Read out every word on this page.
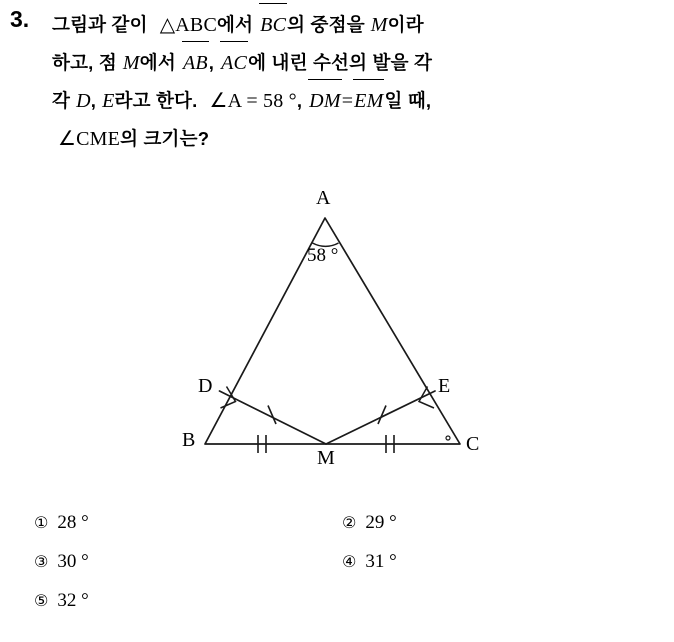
3. 그림과 같이 △ABC에서 BC의 중점을 M이라
하고, 점 M에서 AB, AC에 내린 수선의 발을 각
각 D, E라고 한다. ∠A = 58 °, DM=EM일 때,
∠CME의 크기는?
A
B	C
D	E
M
58 °
① 28 °	② 29 °
③ 30 °	④ 31 °
⑤ 32 °
